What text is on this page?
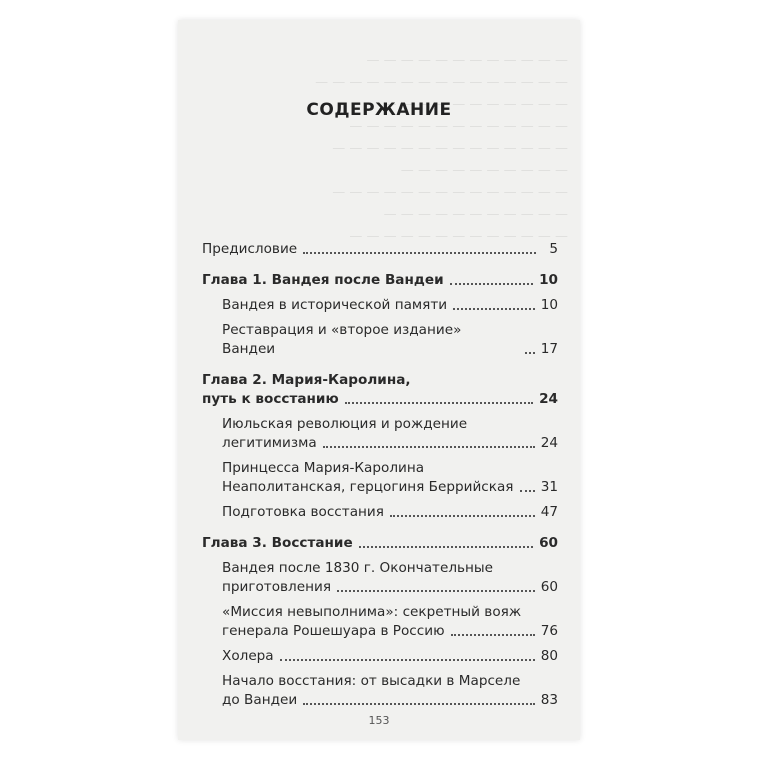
— — — — — — — — — — — —
— — — — — — — — — — — — — — —
— — — — — — — — — — —
— — — — — — — — — — — — —
— — — — — — — — — — — — — —
— — — — — — — — — —
— — — — — — — — — — — — — —
— — — — — — — — — — —
— — — — — — — — — — — — —
СОДЕРЖАНИЕ
Предисловие	5
Глава 1. Вандея после Вандеи	10
Вандея в исторической памяти	10
Реставрация и «второе издание» Вандеи	17
Глава 2. Мария-Каролина,
путь к восстанию	24
Июльская революция и рождение
легитимизма	24
Принцесса Мария-Каролина
Неаполитанская, герцогиня Беррийская 31
Подготовка восстания	47
Глава 3. Восстание	60
Вандея после 1830 г. Окончательные
приготовления	60
«Миссия невыполнима»: секретный вояж
генерала Рошешуара в Россию	76
Холера	80
Начало восстания: от высадки в Марселе
до Вандеи	83
153
